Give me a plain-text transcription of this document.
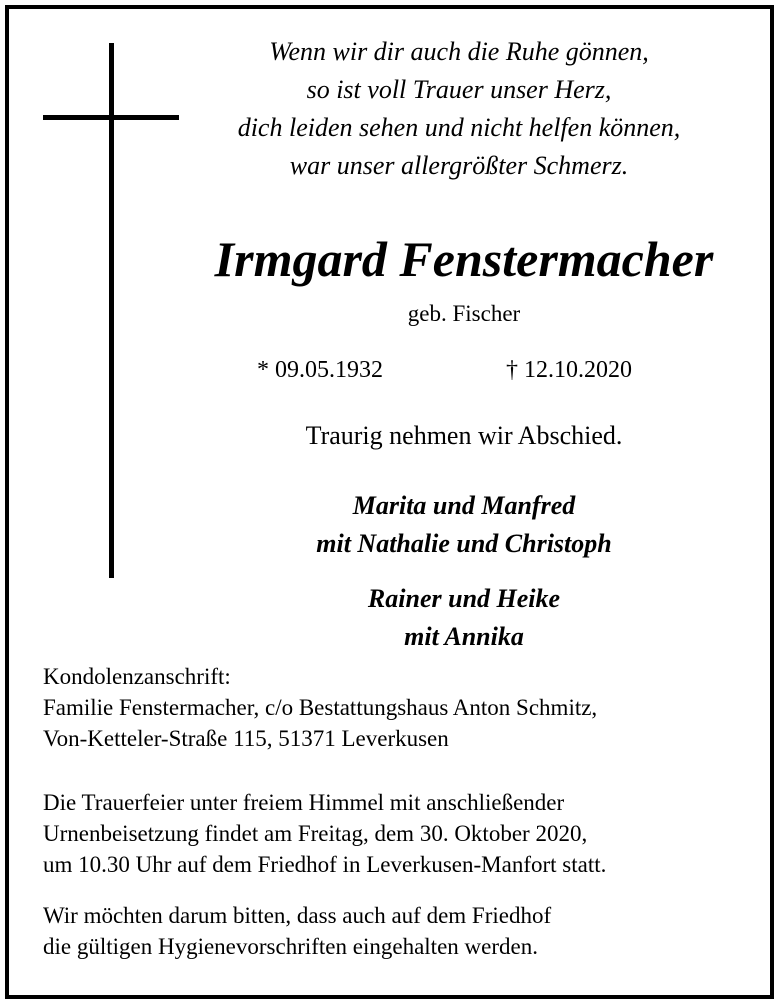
Wenn wir dir auch die Ruhe gönnen,
so ist voll Trauer unser Herz,
dich leiden sehen und nicht helfen können,
war unser allergrößter Schmerz.
Irmgard Fenstermacher
geb. Fischer
* 09.05.1932	† 12.10.2020
Traurig nehmen wir Abschied.
Marita und Manfred
mit Nathalie und Christoph
Rainer und Heike
mit Annika
Kondolenzanschrift:
Familie Fenstermacher, c/o Bestattungshaus Anton Schmitz,
Von-Ketteler-Straße 115, 51371 Leverkusen
Die Trauerfeier unter freiem Himmel mit anschließender
Urnenbeisetzung findet am Freitag, dem 30. Oktober 2020,
um 10.30 Uhr auf dem Friedhof in Leverkusen-Manfort statt.
Wir möchten darum bitten, dass auch auf dem Friedhof
die gültigen Hygienevorschriften eingehalten werden.
